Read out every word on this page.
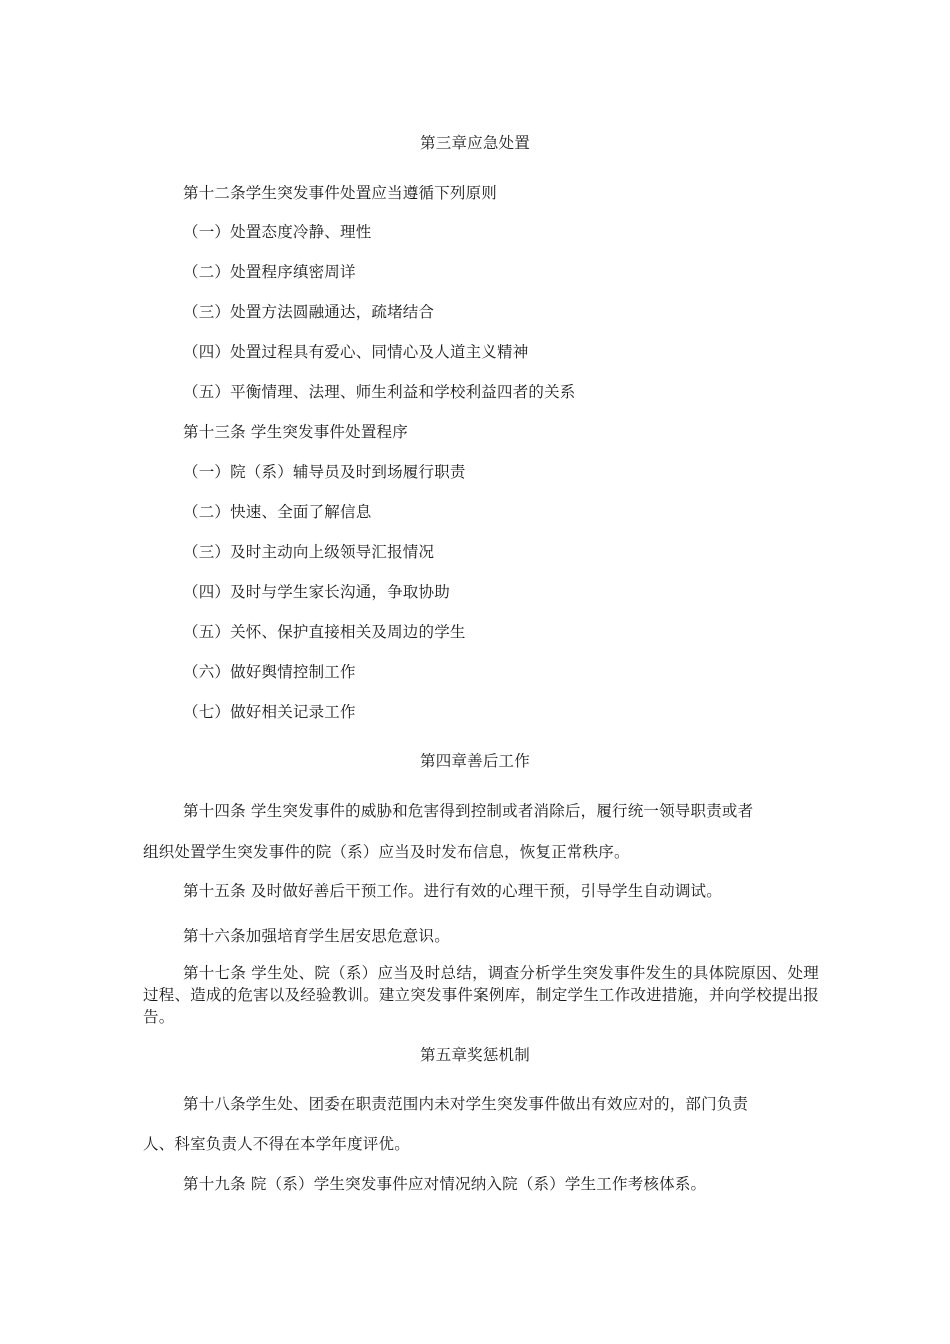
第三章应急处置
第十二条学生突发事件处置应当遵循下列原则
（一）处置态度冷静、理性
（二）处置程序缜密周详
（三）处置方法圆融通达，疏堵结合
（四）处置过程具有爱心、同情心及人道主义精神
（五）平衡情理、法理、师生利益和学校利益四者的关系
第十三条 学生突发事件处置程序
（一）院（系）辅导员及时到场履行职责
（二）快速、全面了解信息
（三）及时主动向上级领导汇报情况
（四）及时与学生家长沟通，争取协助
（五）关怀、保护直接相关及周边的学生
（六）做好舆情控制工作
（七）做好相关记录工作
第四章善后工作
第十四条 学生突发事件的威胁和危害得到控制或者消除后，履行统一领导职责或者
组织处置学生突发事件的院（系）应当及时发布信息，恢复正常秩序。
第十五条 及时做好善后干预工作。进行有效的心理干预，引导学生自动调试。
第十六条加强培育学生居安思危意识。
第十七条 学生处、院（系）应当及时总结，调查分析学生突发事件发生的具体院原因、处理过程、造成的危害以及经验教训。建立突发事件案例库，制定学生工作改进措施，并向学校提出报告。
第五章奖惩机制
第十八条学生处、团委在职责范围内未对学生突发事件做出有效应对的，部门负责
人、科室负责人不得在本学年度评优。
第十九条 院（系）学生突发事件应对情况纳入院（系）学生工作考核体系。
